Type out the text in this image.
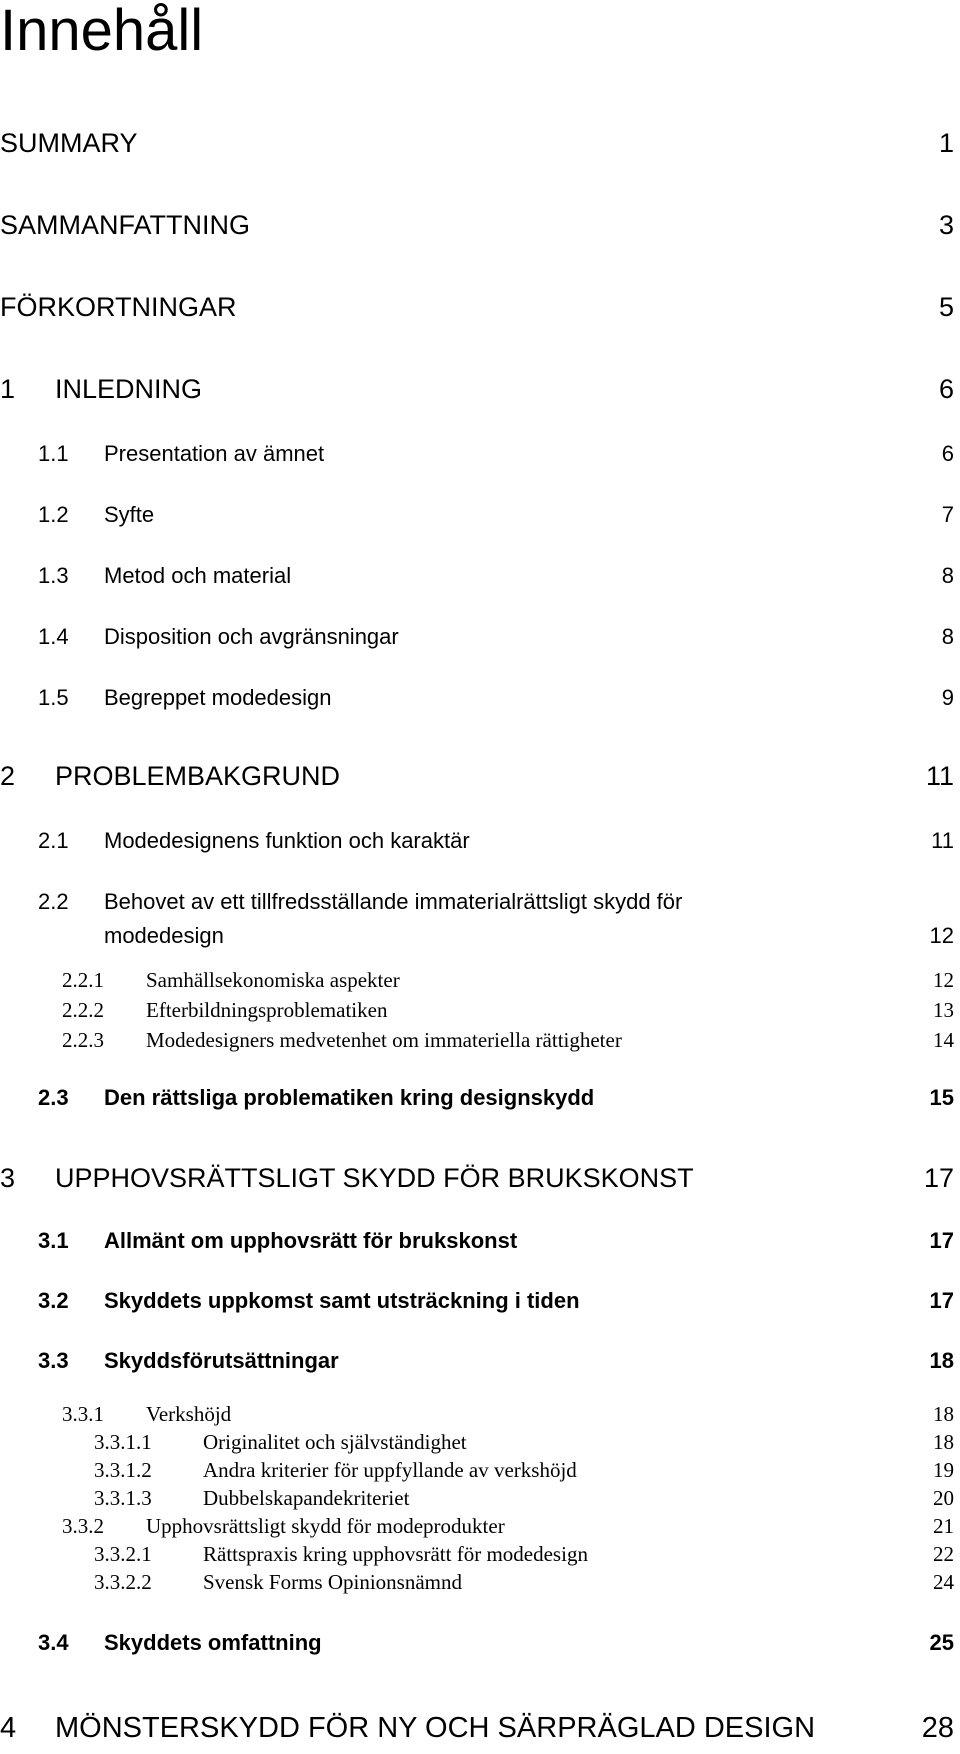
Innehåll
SUMMARY	1
SAMMANFATTNING	3
FÖRKORTNINGAR	5
1 INLEDNING	6
1.1 Presentation av ämnet	6
1.2 Syfte	7
1.3 Metod och material	8
1.4 Disposition och avgränsningar	8
1.5 Begreppet modedesign	9
2 PROBLEMBAKGRUND	11
2.1 Modedesignens funktion och karaktär	11
2.2 Behovet av ett tillfredsställande immaterialrättsligt skydd för
modedesign	12
2.2.1 Samhällsekonomiska aspekter	12
2.2.2 Efterbildningsproblematiken	13
2.2.3 Modedesigners medvetenhet om immateriella rättigheter	14
2.3 Den rättsliga problematiken kring designskydd	15
3 UPPHOVSRÄTTSLIGT SKYDD FÖR BRUKSKONST	17
3.1 Allmänt om upphovsrätt för brukskonst	17
3.2 Skyddets uppkomst samt utsträckning i tiden	17
3.3 Skyddsförutsättningar	18
3.3.1 Verkshöjd	18
3.3.1.1 Originalitet och självständighet	18
3.3.1.2 Andra kriterier för uppfyllande av verkshöjd	19
3.3.1.3 Dubbelskapandekriteriet	20
3.3.2 Upphovsrättsligt skydd för modeprodukter	21
3.3.2.1 Rättspraxis kring upphovsrätt för modedesign	22
3.3.2.2 Svensk Forms Opinionsnämnd	24
3.4 Skyddets omfattning	25
4 MÖNSTERSKYDD FÖR NY OCH SÄRPRÄGLAD DESIGN	28
